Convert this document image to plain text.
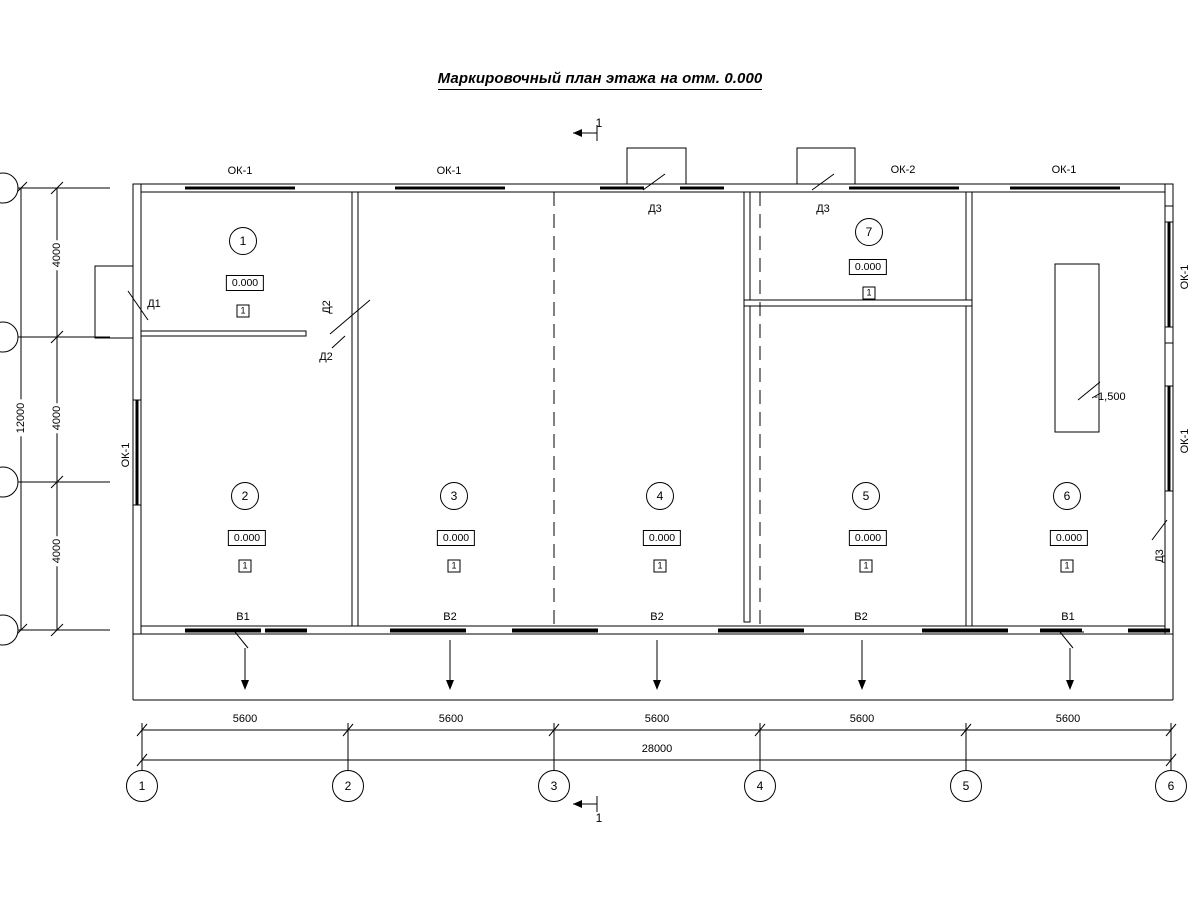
Маркировочный план этажа на отм. 0.000
1
1
ОК-1	ОК-1	ОК-2	ОК-1
ОК-1
ОК-1
ОК-1
Д1	Д2
Д2
Д3	Д3
Д3
В1	В2	В2	В2	В1
1
0.000
1
2
0.000
1
3
0.000
1
4
0.000
1
5
0.000
1
6
0.000
1
7
0.000
1
-1,500
5600	5600	5600	5600	5600
28000
4000
4000
4000
12000
1	2	3	4	5	6
